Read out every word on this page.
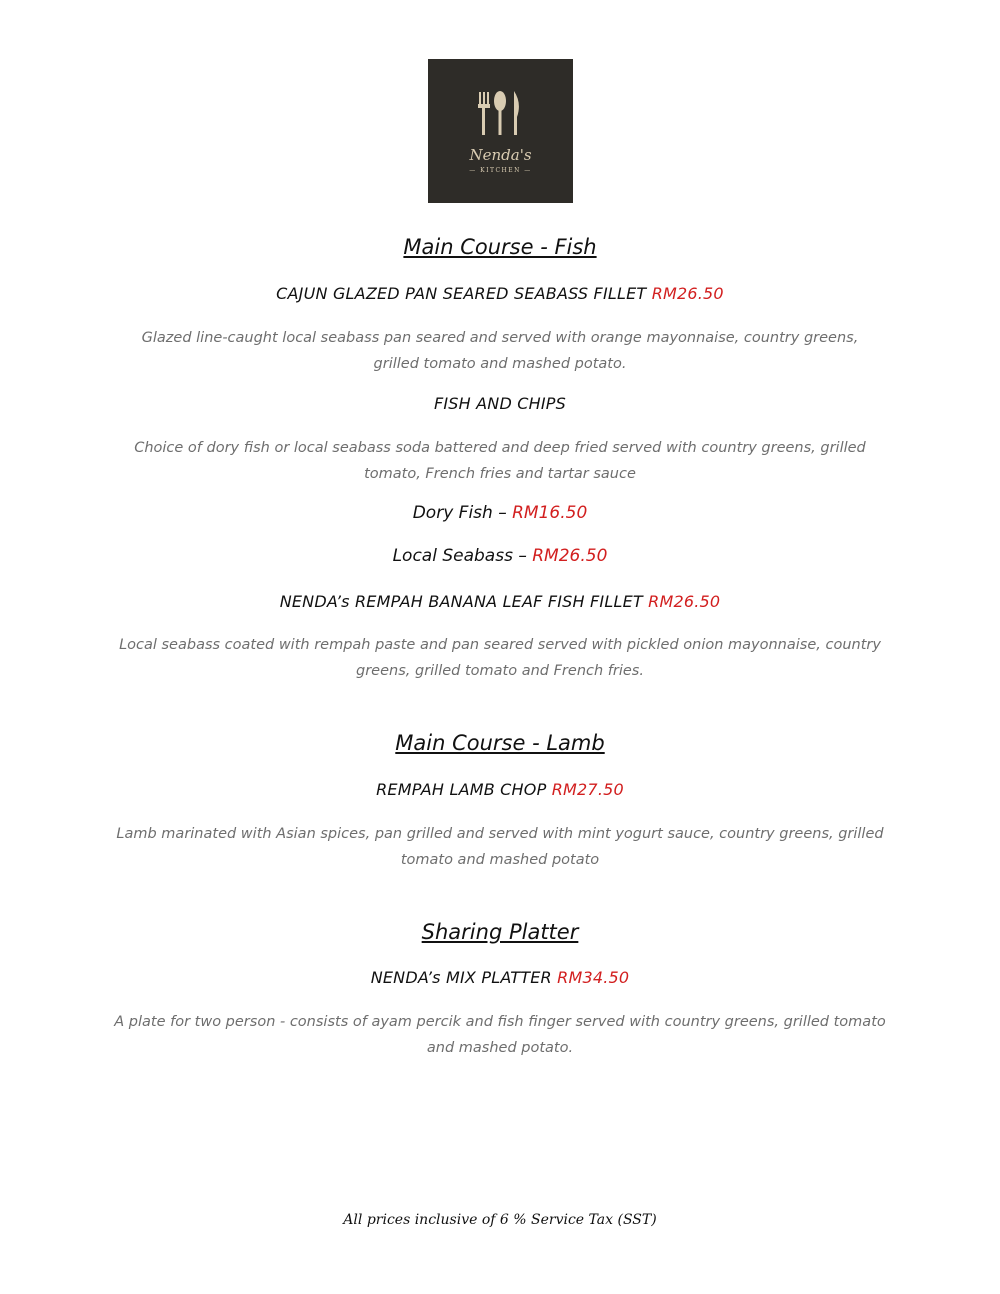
Nenda's
— KITCHEN —
Main Course - Fish
CAJUN GLAZED PAN SEARED SEABASS FILLET RM26.50
Glazed line-caught local seabass pan seared and served with orange mayonnaise, country greens,
grilled tomato and mashed potato.
FISH AND CHIPS
Choice of dory fish or local seabass soda battered and deep fried served with country greens, grilled
tomato, French fries and tartar sauce
Dory Fish – RM16.50
Local Seabass – RM26.50
NENDA’s REMPAH BANANA LEAF FISH FILLET RM26.50
Local seabass coated with rempah paste and pan seared served with pickled onion mayonnaise, country
greens, grilled tomato and French fries.
Main Course - Lamb
REMPAH LAMB CHOP RM27.50
Lamb marinated with Asian spices, pan grilled and served with mint yogurt sauce, country greens, grilled
tomato and mashed potato
Sharing Platter
NENDA’s MIX PLATTER RM34.50
A plate for two person - consists of ayam percik and fish finger served with country greens, grilled tomato
and mashed potato.
All prices inclusive of 6 % Service Tax (SST)
